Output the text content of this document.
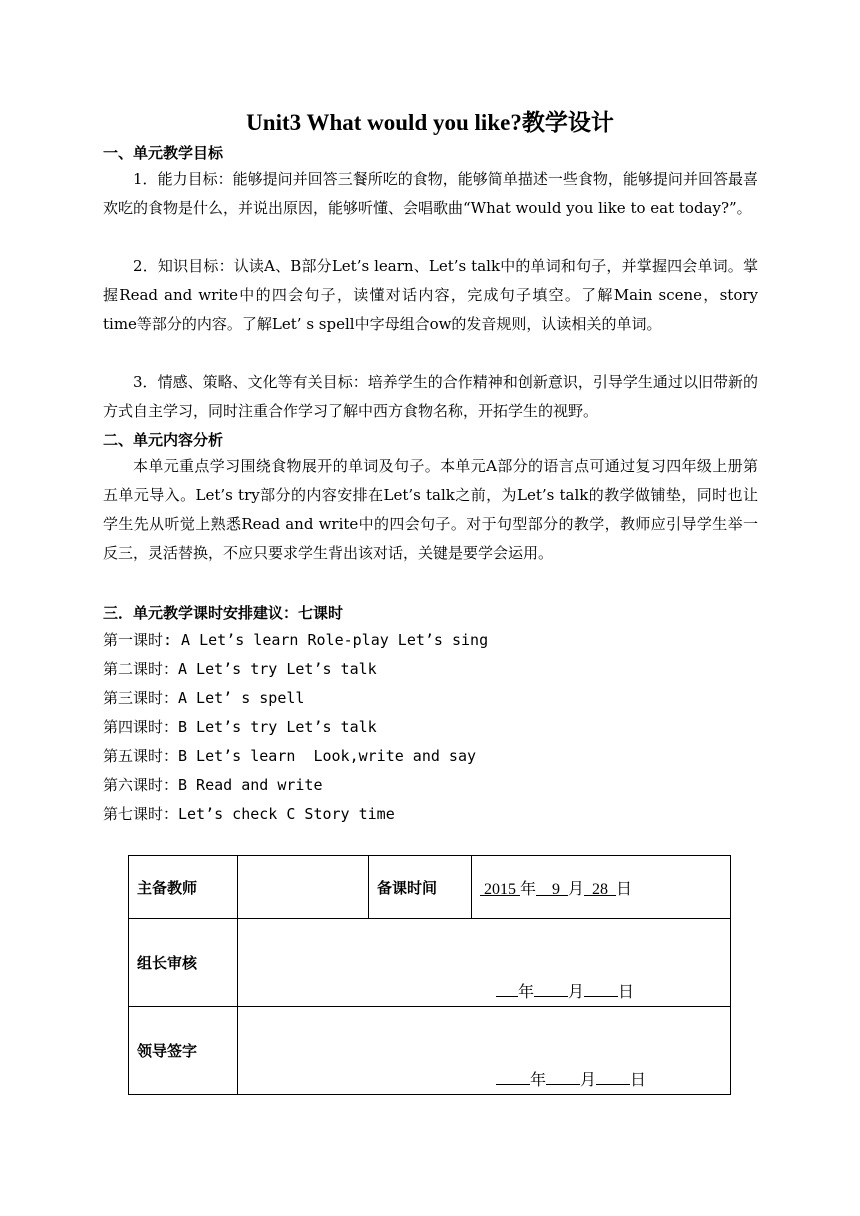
Unit3 What would you like?教学设计
一、单元教学目标
1．能力目标：能够提问并回答三餐所吃的食物，能够简单描述一些食物，能够提问并回答最喜欢吃的食物是什么，并说出原因，能够听懂、会唱歌曲“What would you like to eat today?”。
2．知识目标：认读A、B部分Let’s learn、Let’s talk中的单词和句子，并掌握四会单词。掌握Read and write中的四会句子，读懂对话内容，完成句子填空。了解Main scene，story time等部分的内容。了解Let’ s spell中字母组合ow的发音规则，认读相关的单词。
3．情感、策略、文化等有关目标：培养学生的合作精神和创新意识，引导学生通过以旧带新的方式自主学习，同时注重合作学习了解中西方食物名称，开拓学生的视野。
二、单元内容分析
本单元重点学习围绕食物展开的单词及句子。本单元A部分的语言点可通过复习四年级上册第五单元导入。Let’s try部分的内容安排在Let’s talk之前，为Let’s talk的教学做铺垫，同时也让学生先从听觉上熟悉Read and write中的四会句子。对于句型部分的教学，教师应引导学生举一反三，灵活替换，不应只要求学生背出该对话，关键是要学会运用。
三．单元教学课时安排建议：七课时
第一课时: A Let’s learn Role-play Let’s sing
第二课时：A Let’s try Let’s talk
第三课时：A Let’ s spell
第四课时：B Let’s try Let’s talk
第五课时：B Let’s learn  Look,write and say
第六课时：B Read and write
第七课时：Let’s check C Story time
主备教师		备课时间	2015 年 9 月 28 日
组长审核	年 月 日		
领导签字	年 月 日		
